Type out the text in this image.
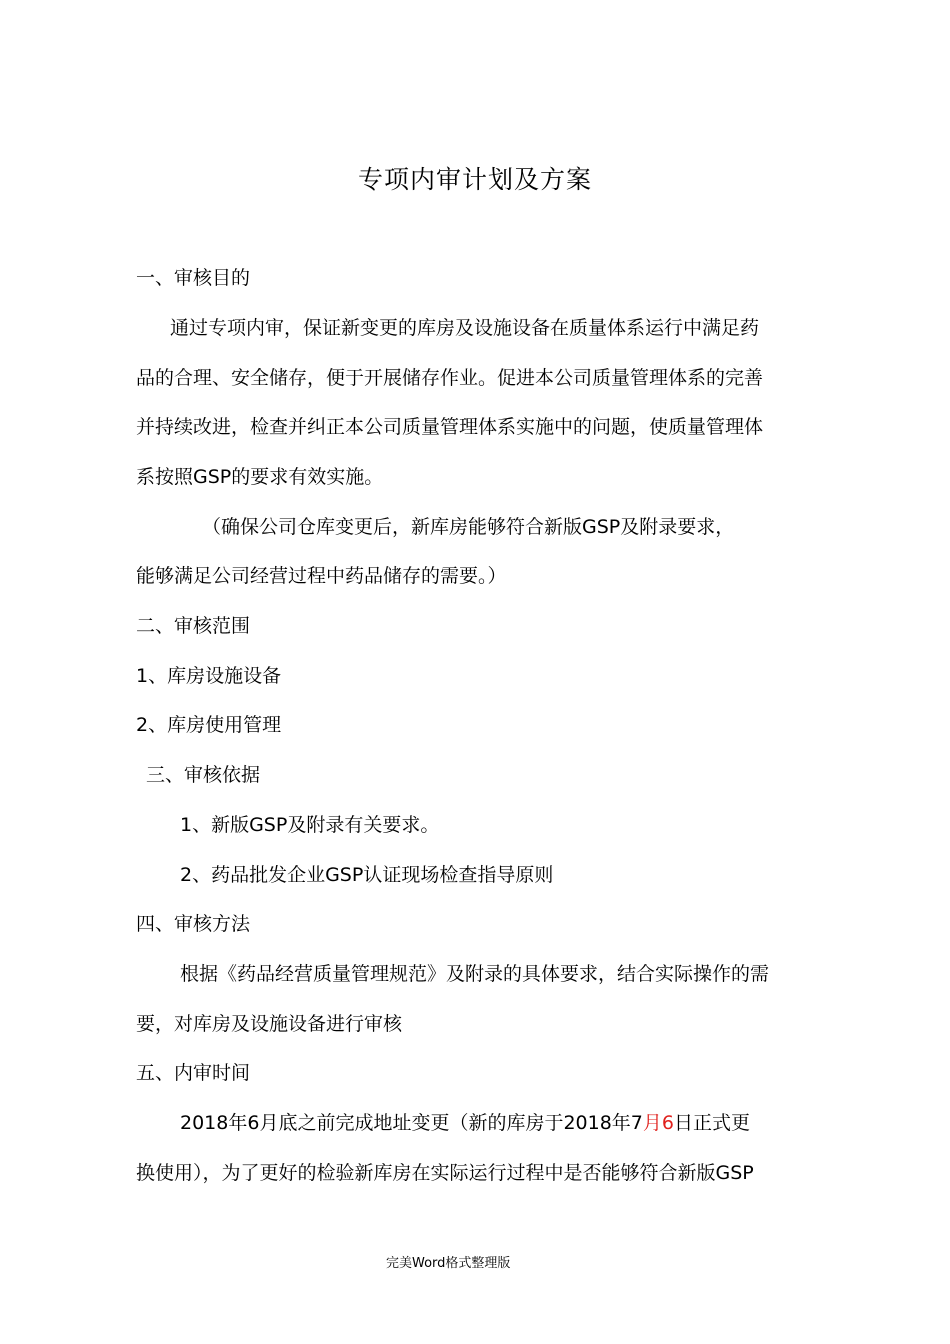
专项内审计划及方案
一、审核目的
通过专项内审，保证新变更的库房及设施设备在质量体系运行中满足药
品的合理、安全储存，便于开展储存作业。促进本公司质量管理体系的完善
并持续改进，检查并纠正本公司质量管理体系实施中的问题，使质量管理体
系按照GSP的要求有效实施。
（确保公司仓库变更后，新库房能够符合新版GSP及附录要求，
能够满足公司经营过程中药品储存的需要。）
二、审核范围
1、库房设施设备
2、库房使用管理
三、审核依据
1、新版GSP及附录有关要求。
2、药品批发企业GSP认证现场检查指导原则
四、审核方法
根据《药品经营质量管理规范》及附录的具体要求，结合实际操作的需
要，对库房及设施设备进行审核
五、内审时间
2018年6月底之前完成地址变更（新的库房于2018年7月6日正式更
换使用），为了更好的检验新库房在实际运行过程中是否能够符合新版GSP
完美Word格式整理版
